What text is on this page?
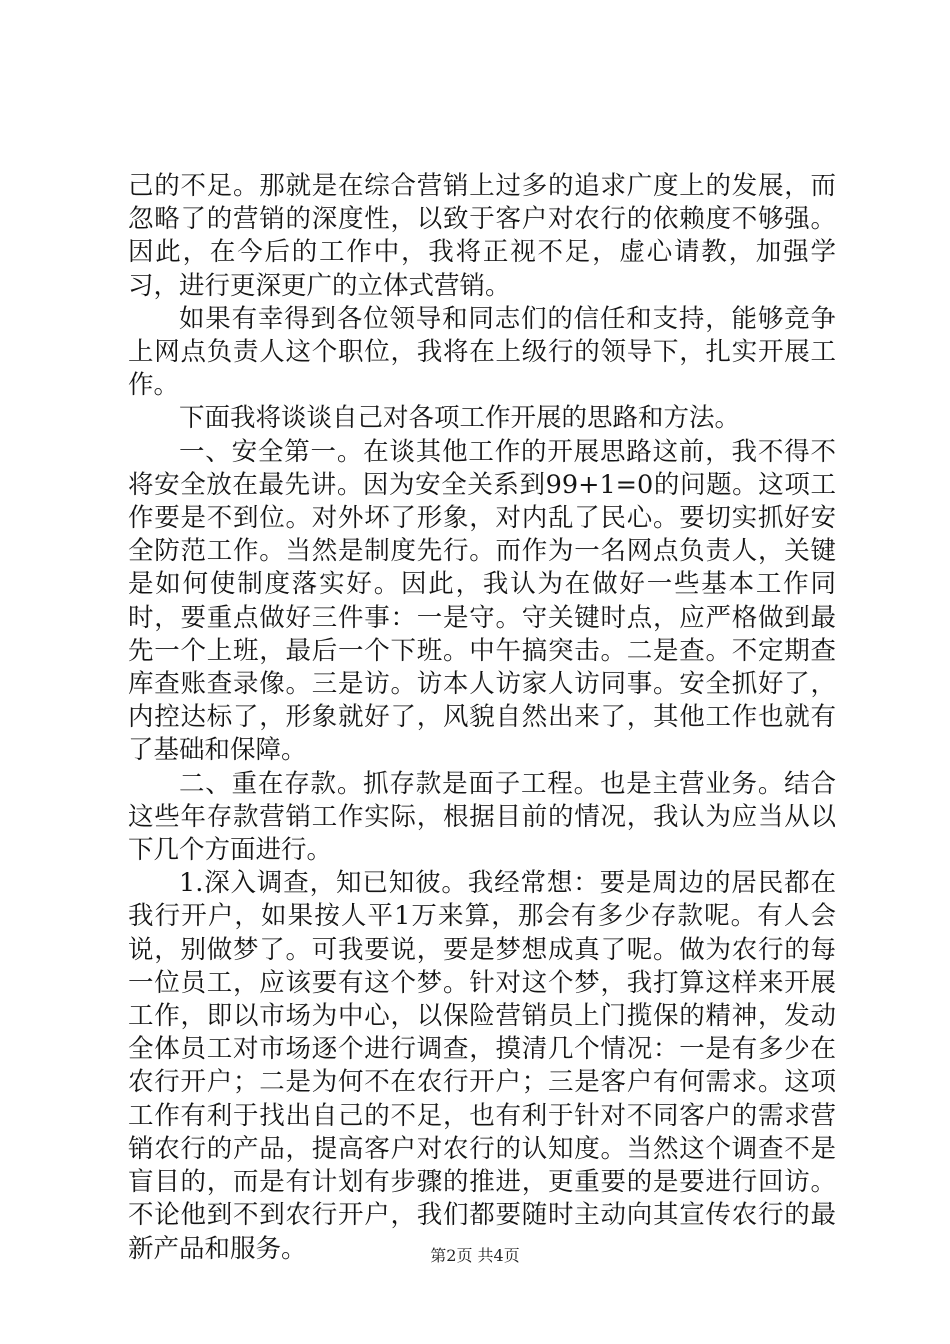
己的不足。那就是在综合营销上过多的追求广度上的发展，而忽略了的营销的深度性，以致于客户对农行的依赖度不够强。因此，在今后的工作中，我将正视不足，虚心请教，加强学习，进行更深更广的立体式营销。

如果有幸得到各位领导和同志们的信任和支持，能够竞争上网点负责人这个职位，我将在上级行的领导下，扎实开展工作。

下面我将谈谈自己对各项工作开展的思路和方法。

一、安全第一。在谈其他工作的开展思路这前，我不得不将安全放在最先讲。因为安全关系到99+1=0的问题。这项工作要是不到位。对外坏了形象，对内乱了民心。要切实抓好安全防范工作。当然是制度先行。而作为一名网点负责人，关键是如何使制度落实好。因此，我认为在做好一些基本工作同时，要重点做好三件事：一是守。守关键时点，应严格做到最先一个上班，最后一个下班。中午搞突击。二是查。不定期查库查账查录像。三是访。访本人访家人访同事。安全抓好了，内控达标了，形象就好了，风貌自然出来了，其他工作也就有了基础和保障。

二、重在存款。抓存款是面子工程。也是主营业务。结合这些年存款营销工作实际，根据目前的情况，我认为应当从以下几个方面进行。

1.深入调查，知已知彼。我经常想：要是周边的居民都在我行开户，如果按人平1万来算，那会有多少存款呢。有人会说，别做梦了。可我要说，要是梦想成真了呢。做为农行的每一位员工，应该要有这个梦。针对这个梦，我打算这样来开展工作，即以市场为中心，以保险营销员上门揽保的精神，发动全体员工对市场逐个进行调查，摸清几个情况：一是有多少在农行开户；二是为何不在农行开户；三是客户有何需求。这项工作有利于找出自己的不足，也有利于针对不同客户的需求营销农行的产品，提高客户对农行的认知度。当然这个调查不是盲目的，而是有计划有步骤的推进，更重要的是要进行回访。不论他到不到农行开户，我们都要随时主动向其宣传农行的最新产品和服务。	第2页 共4页
